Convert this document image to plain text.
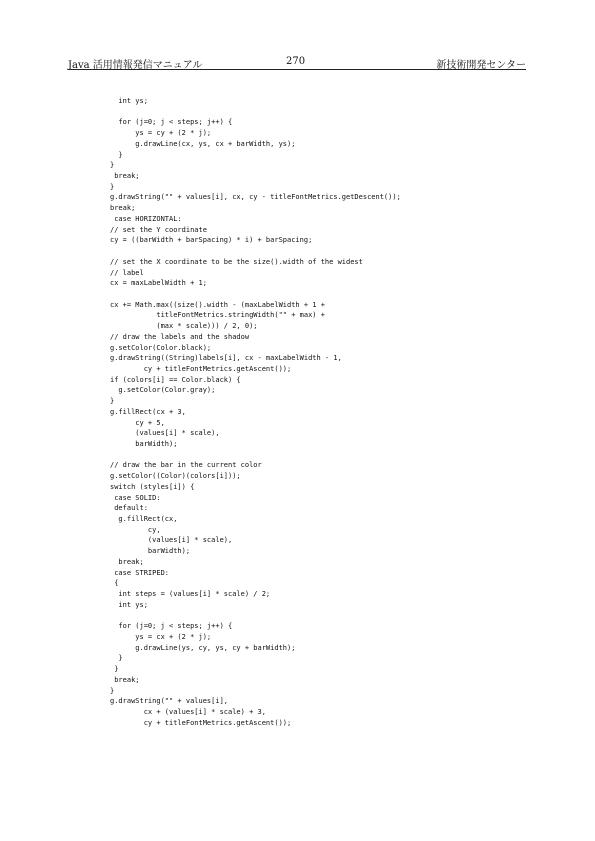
Java 活用情報発信マニュアル	270	新技術開発センター
int ys;

for (j=0; j < steps; j++) {
ys = cy + (2 * j);
g.drawLine(cx, ys, cx + barWidth, ys);
}
}
break;
}
g.drawString("" + values[i], cx, cy - titleFontMetrics.getDescent());
break;
case HORIZONTAL:
// set the Y coordinate
cy = ((barWidth + barSpacing) * i) + barSpacing;

// set the X coordinate to be the size().width of the widest
// label
cx = maxLabelWidth + 1;

cx += Math.max((size().width - (maxLabelWidth + 1 +
titleFontMetrics.stringWidth("" + max) +
(max * scale))) / 2, 0);
// draw the labels and the shadow
g.setColor(Color.black);
g.drawString((String)labels[i], cx - maxLabelWidth - 1,
cy + titleFontMetrics.getAscent());
if (colors[i] == Color.black) {
g.setColor(Color.gray);
}
g.fillRect(cx + 3,
cy + 5,
(values[i] * scale),
barWidth);

// draw the bar in the current color
g.setColor((Color)(colors[i]));
switch (styles[i]) {
case SOLID:
default:
g.fillRect(cx,
cy,
(values[i] * scale),
barWidth);
break;
case STRIPED:
{
int steps = (values[i] * scale) / 2;
int ys;

for (j=0; j < steps; j++) {
ys = cx + (2 * j);
g.drawLine(ys, cy, ys, cy + barWidth);
}
}
break;
}
g.drawString("" + values[i],
cx + (values[i] * scale) + 3,
cy + titleFontMetrics.getAscent());
